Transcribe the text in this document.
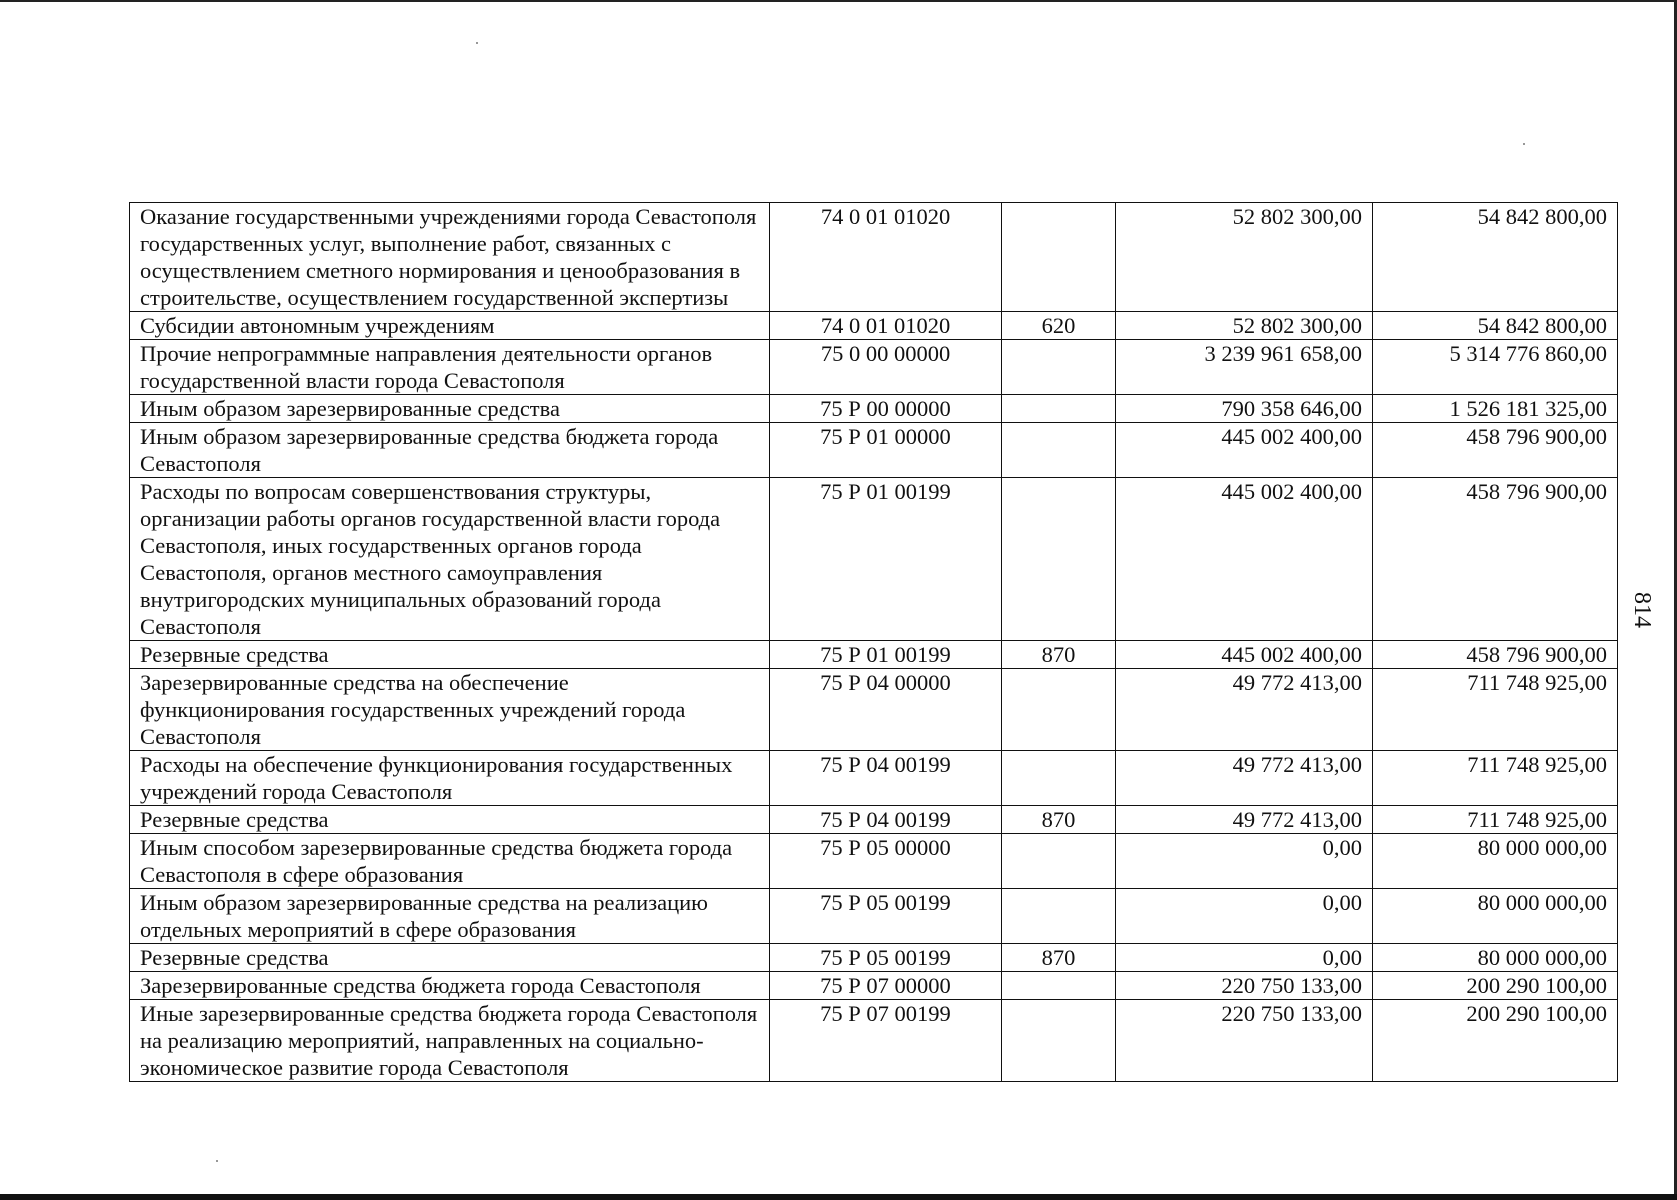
Оказание государственными учреждениями города Севастополя государственных услуг, выполнение работ, связанных с осуществлением сметного нормирования и ценообразования в строительстве, осуществлением государственной экспертизы	74 0 01 01020		52 802 300,00	54 842 800,00
Субсидии автономным учреждениям	74 0 01 01020	620	52 802 300,00	54 842 800,00
Прочие непрограммные направления деятельности органов государственной власти города Севастополя	75 0 00 00000		3 239 961 658,00	5 314 776 860,00
Иным образом зарезервированные средства	75 Р 00 00000		790 358 646,00	1 526 181 325,00
Иным образом зарезервированные средства бюджета города Севастополя	75 Р 01 00000		445 002 400,00	458 796 900,00
Расходы по вопросам совершенствования структуры, организации работы органов государственной власти города Севастополя, иных государственных органов города Севастополя, органов местного самоуправления внутригородских муниципальных образований города Севастополя	75 Р 01 00199		445 002 400,00	458 796 900,00
Резервные средства	75 Р 01 00199	870	445 002 400,00	458 796 900,00
Зарезервированные средства на обеспечение функционирования государственных учреждений города Севастополя	75 Р 04 00000		49 772 413,00	711 748 925,00
Расходы на обеспечение функционирования государственных учреждений города Севастополя	75 Р 04 00199		49 772 413,00	711 748 925,00
Резервные средства	75 Р 04 00199	870	49 772 413,00	711 748 925,00
Иным способом зарезервированные средства бюджета города Севастополя в сфере образования	75 Р 05 00000		0,00	80 000 000,00
Иным образом зарезервированные средства на реализацию отдельных мероприятий в сфере образования	75 Р 05 00199		0,00	80 000 000,00
Резервные средства	75 Р 05 00199	870	0,00	80 000 000,00
Зарезервированные средства бюджета города Севастополя	75 Р 07 00000		220 750 133,00	200 290 100,00
Иные зарезервированные средства бюджета города Севастополя на реализацию мероприятий, направленных на социально-экономическое развитие города Севастополя	75 Р 07 00199		220 750 133,00	200 290 100,00
814
